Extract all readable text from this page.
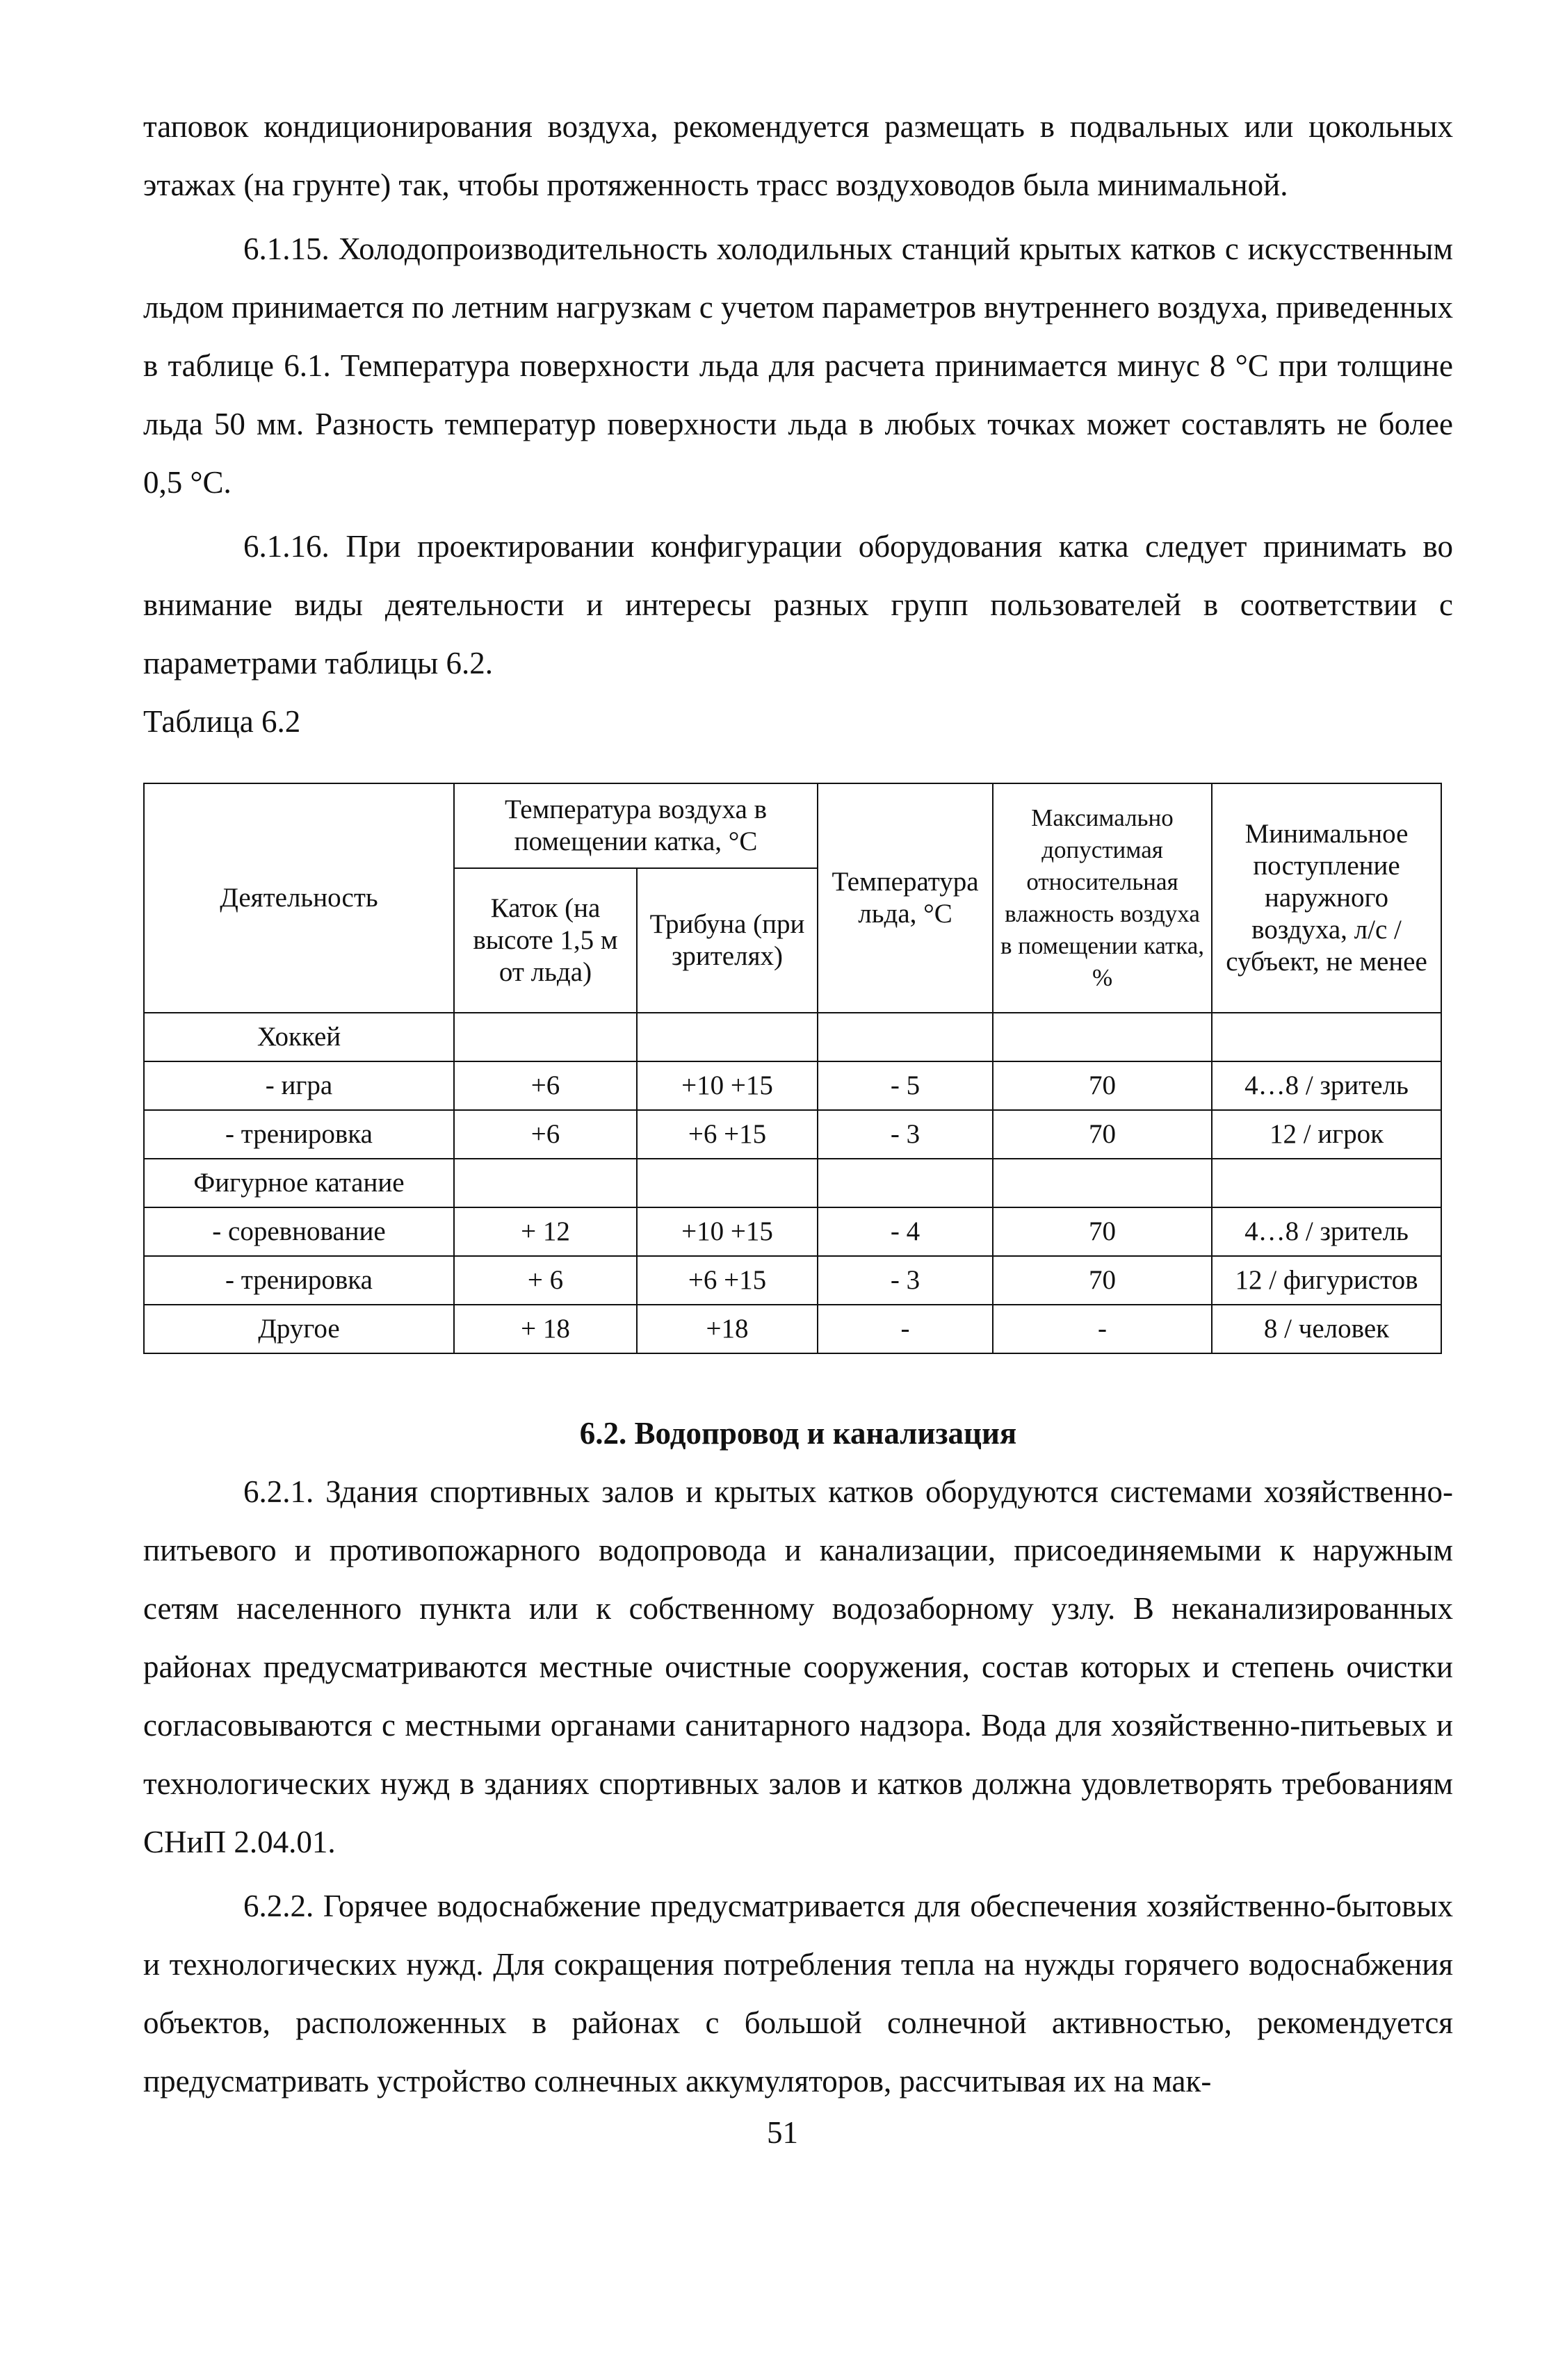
таповок кондиционирования воздуха, рекомендуется размещать в подвальных или цокольных этажах (на грунте) так, чтобы протяженность трасс воздуховодов была минимальной.

6.1.15. Холодопроизводительность холодильных станций крытых катков с искусственным льдом принимается по летним нагрузкам с учетом параметров внутреннего воздуха, приведенных в таблице 6.1. Температура поверхности льда для расчета принимается минус 8 °С при толщине льда 50 мм. Разность температур поверхности льда в любых точках может составлять не более 0,5 °С.

6.1.16. При проектировании конфигурации оборудования катка следует принимать во внимание виды деятельности и интересы разных групп пользователей в соответствии с параметрами таблицы 6.2.

Таблица 6.2

Деятельность	Температура воздуха в помещении катка, °С		Температура льда, °С	Максимально допустимая относительная влажность воздуха в помещении катка, %	Минимальное поступление наружного воздуха, л/с / субъект, не менее
	Каток (на высоте 1,5 м от льда)	Трибуна (при зрителях)			
Хоккей					
- игра	+6	+10 +15	- 5	70	4…8 / зритель
- тренировка	+6	+6 +15	- 3	70	12 / игрок
Фигурное катание					
- соревнование	+ 12	+10 +15	- 4	70	4…8 / зритель
- тренировка	+ 6	+6 +15	- 3	70	12 / фигуристов
Другое	+ 18	+18	-	-	8 / человек

6.2. Водопровод и канализация

6.2.1. Здания спортивных залов и крытых катков оборудуются системами хозяйственно-питьевого и противопожарного водопровода и канализации, присоединяемыми к наружным сетям населенного пункта или к собственному водозаборному узлу. В неканализированных районах предусматриваются местные очистные сооружения, состав которых и степень очистки согласовываются с местными органами санитарного надзора. Вода для хозяйственно-питьевых и технологических нужд в зданиях спортивных залов и катков должна удовлетворять требованиям СНиП 2.04.01.

6.2.2. Горячее водоснабжение предусматривается для обеспечения хозяйственно-бытовых и технологических нужд. Для сокращения потребления тепла на нужды горячего водоснабжения объектов, расположенных в районах с большой солнечной активностью, рекомендуется предусматривать устройство солнечных аккумуляторов, рассчитывая их на мак-

51
